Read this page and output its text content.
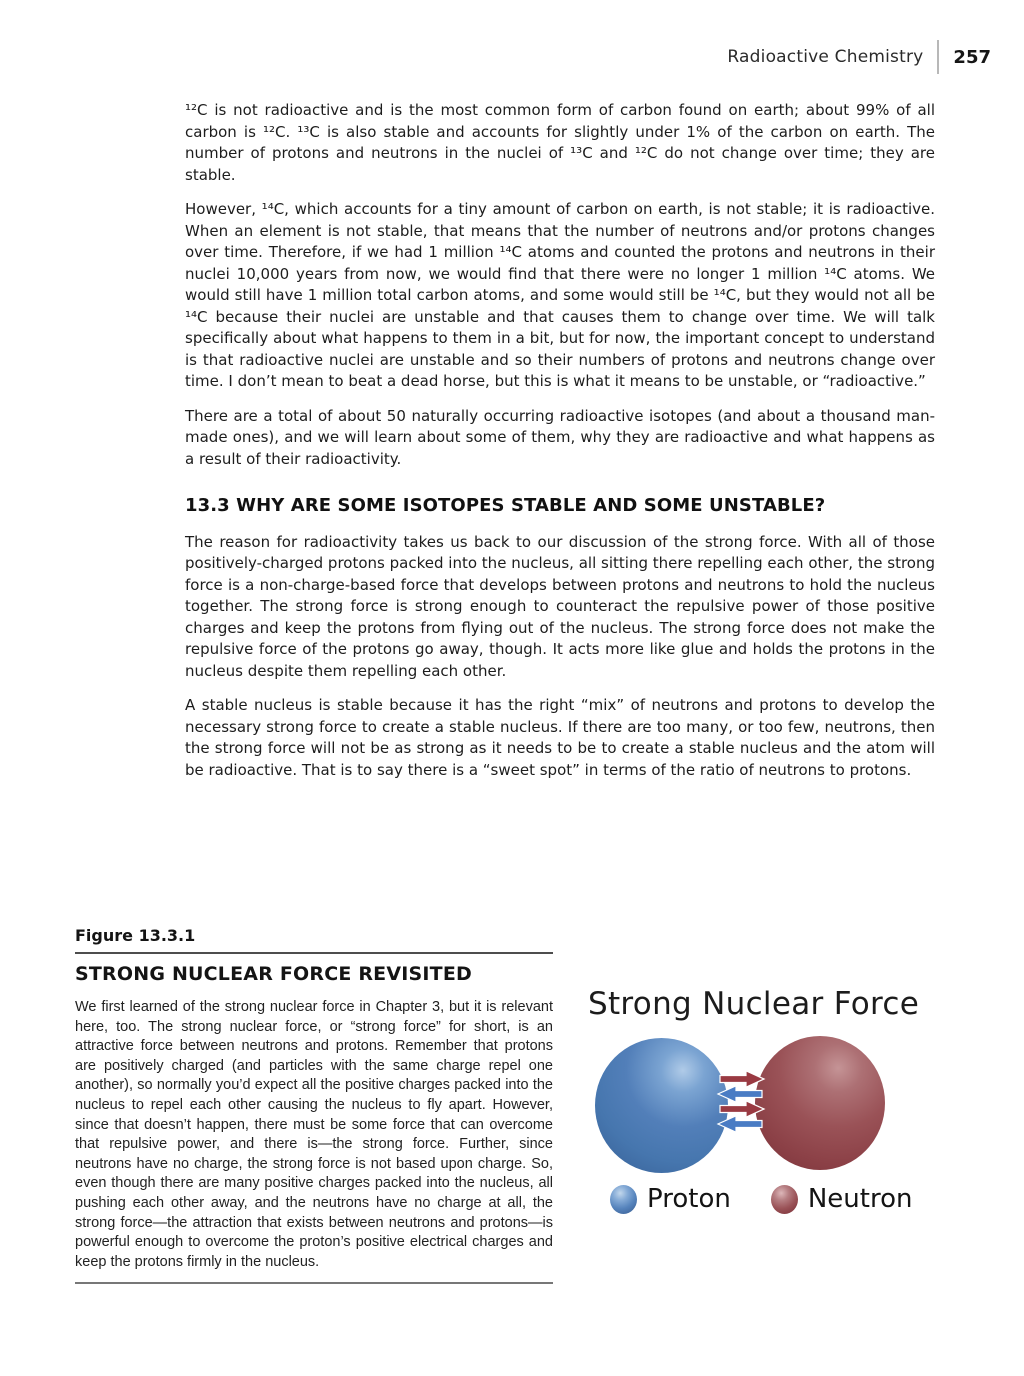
Radioactive Chemistry 257

¹²C is not radioactive and is the most common form of carbon found on earth; about 99% of all carbon is ¹²C. ¹³C is also stable and accounts for slightly under 1% of the carbon on earth. The number of protons and neutrons in the nuclei of ¹³C and ¹²C do not change over time; they are stable.

However, ¹⁴C, which accounts for a tiny amount of carbon on earth, is not stable; it is radioactive. When an element is not stable, that means that the number of neutrons and/or protons changes over time. Therefore, if we had 1 million ¹⁴C atoms and counted the protons and neutrons in their nuclei 10,000 years from now, we would find that there were no longer 1 million ¹⁴C atoms. We would still have 1 million total carbon atoms, and some would still be ¹⁴C, but they would not all be ¹⁴C because their nuclei are unstable and that causes them to change over time. We will talk specifically about what happens to them in a bit, but for now, the important concept to understand is that radioactive nuclei are unstable and so their numbers of protons and neutrons change over time. I don’t mean to beat a dead horse, but this is what it means to be unstable, or “radioactive.”

There are a total of about 50 naturally occurring radioactive isotopes (and about a thousand man-made ones), and we will learn about some of them, why they are radioactive and what happens as a result of their radioactivity.

13.3 WHY ARE SOME ISOTOPES STABLE AND SOME UNSTABLE?

The reason for radioactivity takes us back to our discussion of the strong force. With all of those positively-charged protons packed into the nucleus, all sitting there repelling each other, the strong force is a non-charge-based force that develops between protons and neutrons to hold the nucleus together. The strong force is strong enough to counteract the repulsive power of those positive charges and keep the protons from flying out of the nucleus. The strong force does not make the repulsive force of the protons go away, though. It acts more like glue and holds the protons in the nucleus despite them repelling each other.

A stable nucleus is stable because it has the right “mix” of neutrons and protons to develop the necessary strong force to create a stable nucleus. If there are too many, or too few, neutrons, then the strong force will not be as strong as it needs to be to create a stable nucleus and the atom will be radioactive. That is to say there is a “sweet spot” in terms of the ratio of neutrons to protons.

Figure 13.3.1
STRONG NUCLEAR FORCE REVISITED

We first learned of the strong nuclear force in Chapter 3, but it is relevant here, too. The strong nuclear force, or “strong force” for short, is an attractive force between neutrons and protons. Remember that protons are positively charged (and particles with the same charge repel one another), so normally you’d expect all the positive charges packed into the nucleus to repel each other causing the nucleus to fly apart. However, since that doesn’t happen, there must be some force that can overcome that repulsive power, and there is—the strong force. Further, since neutrons have no charge, the strong force is not based upon charge. So, even though there are many positive charges packed into the nucleus, all pushing each other away, and the neutrons have no charge at all, the strong force—the attraction that exists between neutrons and protons—is powerful enough to overcome the proton’s positive electrical charges and keep the protons firmly in the nucleus.

Strong Nuclear Force
Proton	Neutron
